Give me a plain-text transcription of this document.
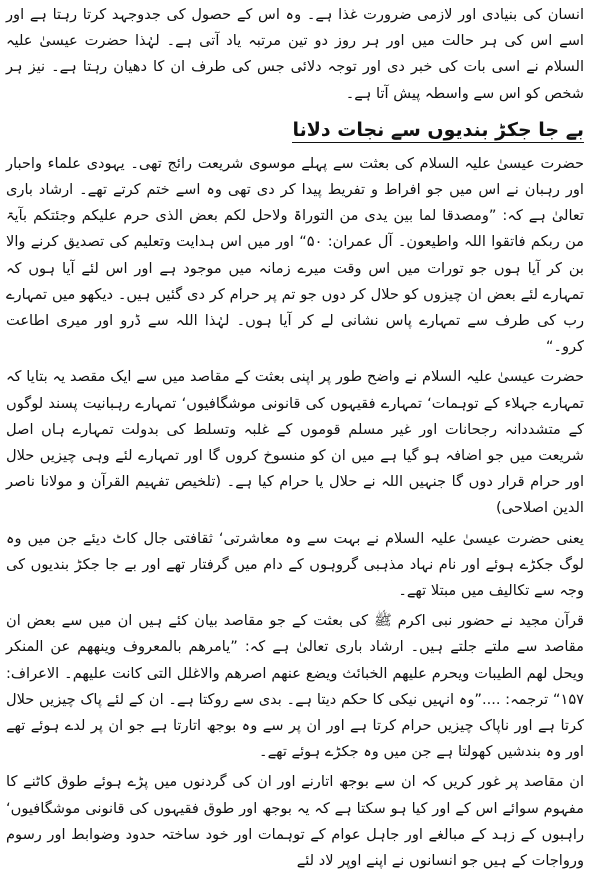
انسان کی بنیادی اور لازمی ضرورت غذا ہے۔ وہ اس کے حصول کی جدوجہد کرتا رہتا ہے اور اسے اس کی ہر حالت میں اور ہر روز دو تین مرتبہ یاد آتی ہے۔ لہٰذا حضرت عیسیٰ علیہ السلام نے اسی بات کی خبر دی اور توجہ دلائی جس کی طرف ان کا دھیان رہتا ہے۔ نیز ہر شخص کو اس سے واسطہ پیش آتا ہے۔

بے جا جکڑ بندیوں سے نجات دلانا

حضرت عیسیٰ علیہ السلام کی بعثت سے پہلے موسوی شریعت رائج تھی۔ یہودی علماء واحبار اور رہبان نے اس میں جو افراط و تفریط پیدا کر دی تھی وہ اسے ختم کرتے تھے۔ ارشاد باری تعالیٰ ہے کہ: ”ومصدقا لما بین یدی من التوراۃ ولاحل لکم بعض الذی حرم علیکم وجئتکم بآیۃ من ربکم فاتقوا اللہ واطیعون۔ آل عمران: ۵۰“ اور میں اس ہدایت وتعلیم کی تصدیق کرنے والا بن کر آیا ہوں جو تورات میں اس وقت میرے زمانہ میں موجود ہے اور اس لئے آیا ہوں کہ تمہارے لئے بعض ان چیزوں کو حلال کر دوں جو تم پر حرام کر دی گئیں ہیں۔ دیکھو میں تمہارے رب کی طرف سے تمہارے پاس نشانی لے کر آیا ہوں۔ لہٰذا اللہ سے ڈرو اور میری اطاعت کرو۔“

حضرت عیسیٰ علیہ السلام نے واضح طور پر اپنی بعثت کے مقاصد میں سے ایک مقصد یہ بتایا کہ تمہارے جہلاء کے توہمات‘ تمہارے فقیہوں کی قانونی موشگافیوں‘ تمہارے رہبانیت پسند لوگوں کے متشددانہ رجحانات اور غیر مسلم قوموں کے غلبہ وتسلط کی بدولت تمہارے ہاں اصل شریعت میں جو اضافہ ہو گیا ہے میں ان کو منسوخ کروں گا اور تمہارے لئے وہی چیزیں حلال اور حرام قرار دوں گا جنہیں اللہ نے حلال یا حرام کیا ہے۔ (تلخیص تفہیم القرآن و مولانا ناصر الدین اصلاحی)

یعنی حضرت عیسیٰ علیہ السلام نے بہت سے وہ معاشرتی‘ ثقافتی جال کاٹ دیئے جن میں وہ لوگ جکڑے ہوئے اور نام نہاد مذہبی گروہوں کے دام میں گرفتار تھے اور بے جا جکڑ بندیوں کی وجہ سے تکالیف میں مبتلا تھے۔

قرآن مجید نے حضور نبی اکرم ﷺ کی بعثت کے جو مقاصد بیان کئے ہیں ان میں سے بعض ان مقاصد سے ملتے جلتے ہیں۔ ارشاد باری تعالیٰ ہے کہ: ”یامرھم بالمعروف وینھھم عن المنکر ویحل لھم الطیبات ویحرم علیھم الخبائث ویضع عنھم اصرھم والاغلل التی کانت علیھم۔ الاعراف: ۱۵۷“ ترجمہ: ....”وہ انہیں نیکی کا حکم دیتا ہے۔ بدی سے روکتا ہے۔ ان کے لئے پاک چیزیں حلال کرتا ہے اور ناپاک چیزیں حرام کرتا ہے اور ان پر سے وہ بوجھ اتارتا ہے جو ان پر لدے ہوئے تھے اور وہ بندشیں کھولتا ہے جن میں وہ جکڑے ہوئے تھے۔

ان مقاصد پر غور کریں کہ ان سے بوجھ اتارنے اور ان کی گردنوں میں پڑے ہوئے طوق کاٹنے کا مفہوم سوائے اس کے اور کیا ہو سکتا ہے کہ یہ بوجھ اور طوق فقیہوں کی قانونی موشگافیوں‘ راہبوں کے زہد کے مبالغے اور جاہل عوام کے توہمات اور خود ساختہ حدود وضوابط اور رسوم ورواجات کے ہیں جو انسانوں نے اپنے اوپر لاد لئے
